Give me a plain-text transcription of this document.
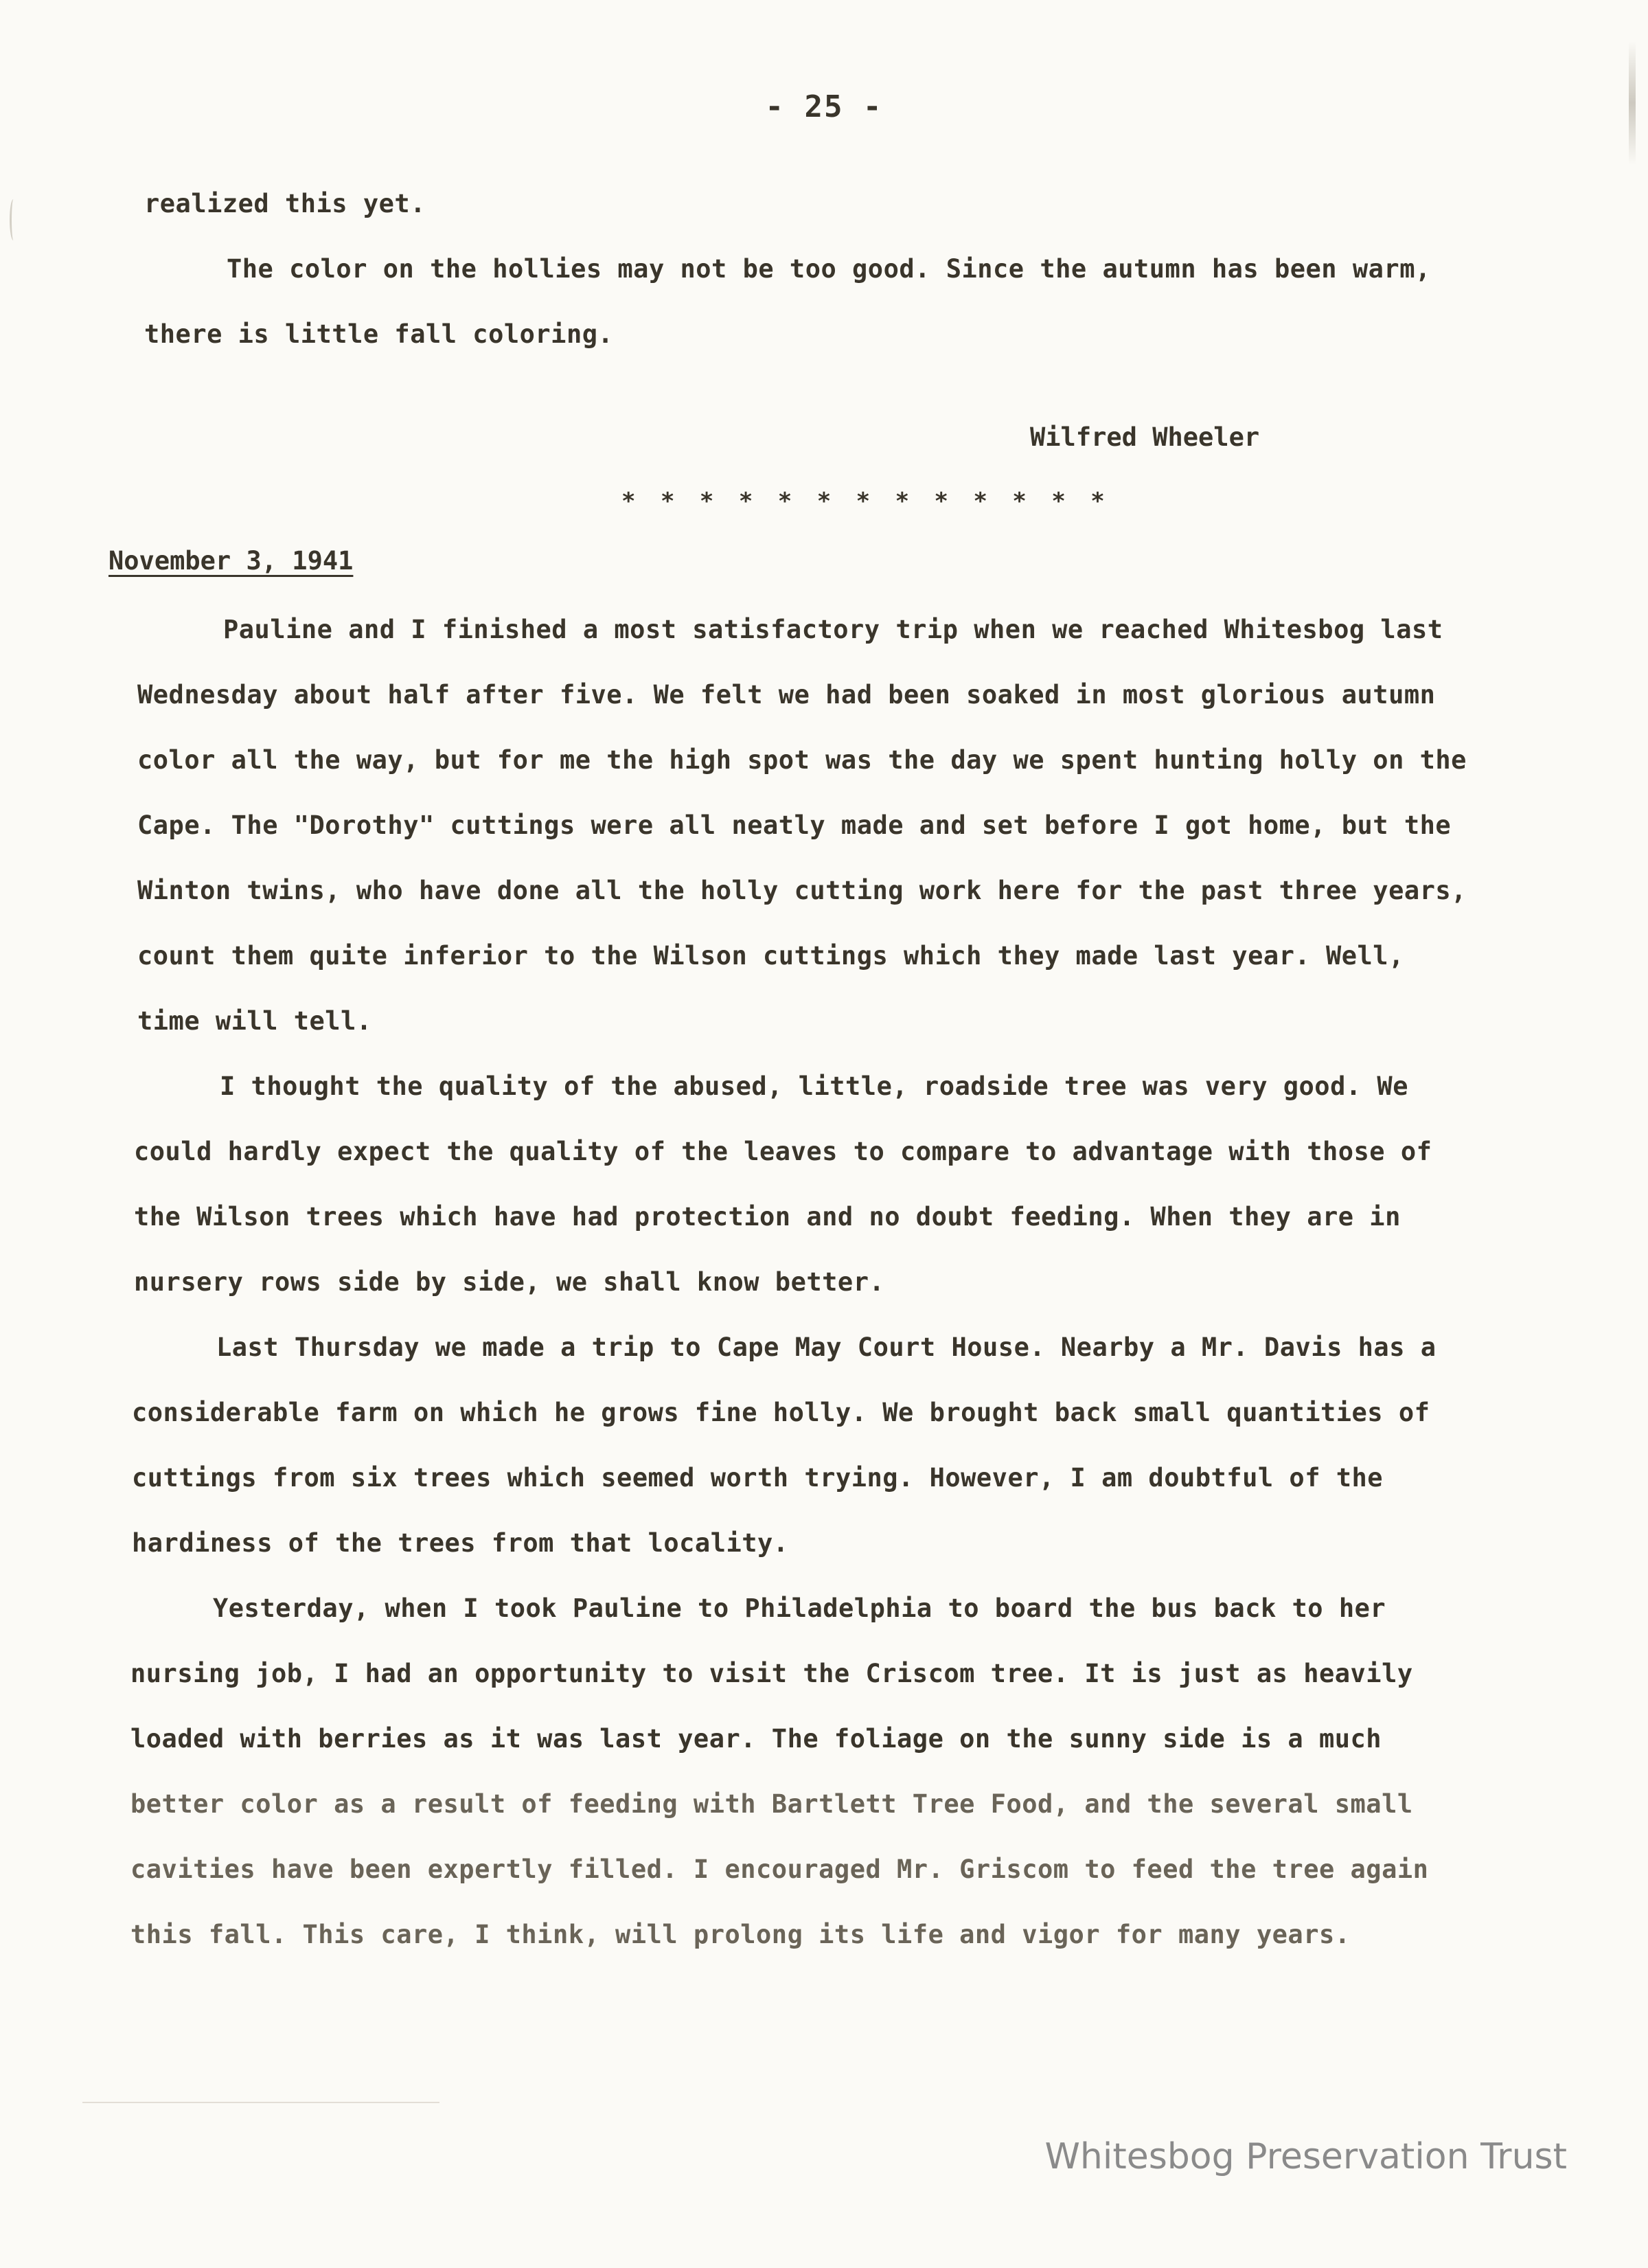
- 25 -
realized this yet.
The color on the hollies may not be too good. Since the autumn has been warm,
there is little fall coloring.
Wilfred Wheeler
* * * * * * * * * * * * *
November 3, 1941
Pauline and I finished a most satisfactory trip when we reached Whitesbog last
Wednesday about half after five. We felt we had been soaked in most glorious autumn
color all the way, but for me the high spot was the day we spent hunting holly on the
Cape. The "Dorothy" cuttings were all neatly made and set before I got home, but the
Winton twins, who have done all the holly cutting work here for the past three years,
count them quite inferior to the Wilson cuttings which they made last year. Well,
time will tell.
I thought the quality of the abused, little, roadside tree was very good. We
could hardly expect the quality of the leaves to compare to advantage with those of
the Wilson trees which have had protection and no doubt feeding. When they are in
nursery rows side by side, we shall know better.
Last Thursday we made a trip to Cape May Court House. Nearby a Mr. Davis has a
considerable farm on which he grows fine holly. We brought back small quantities of
cuttings from six trees which seemed worth trying. However, I am doubtful of the
hardiness of the trees from that locality.
Yesterday, when I took Pauline to Philadelphia to board the bus back to her
nursing job, I had an opportunity to visit the Criscom tree. It is just as heavily
loaded with berries as it was last year. The foliage on the sunny side is a much
better color as a result of feeding with Bartlett Tree Food, and the several small
cavities have been expertly filled. I encouraged Mr. Griscom to feed the tree again
this fall. This care, I think, will prolong its life and vigor for many years.
Whitesbog Preservation Trust
